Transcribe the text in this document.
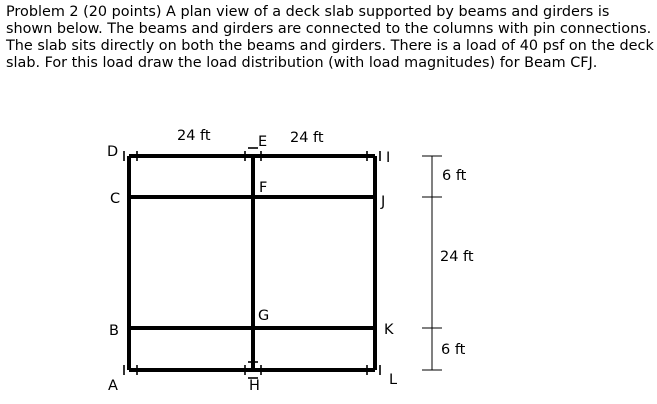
Problem 2 (20 points) A plan view of a deck slab supported by beams and girders is shown below. The beams and girders are connected to the columns with pin connections. The slab sits directly on both the beams and girders. There is a load of 40 psf on the deck slab. For this load draw the load distribution (with load magnitudes) for Beam CFJ.

24 ft	24 ft
6 ft
24 ft
6 ft
D
E
I
C
F
J
B
G
K
A	H	L
